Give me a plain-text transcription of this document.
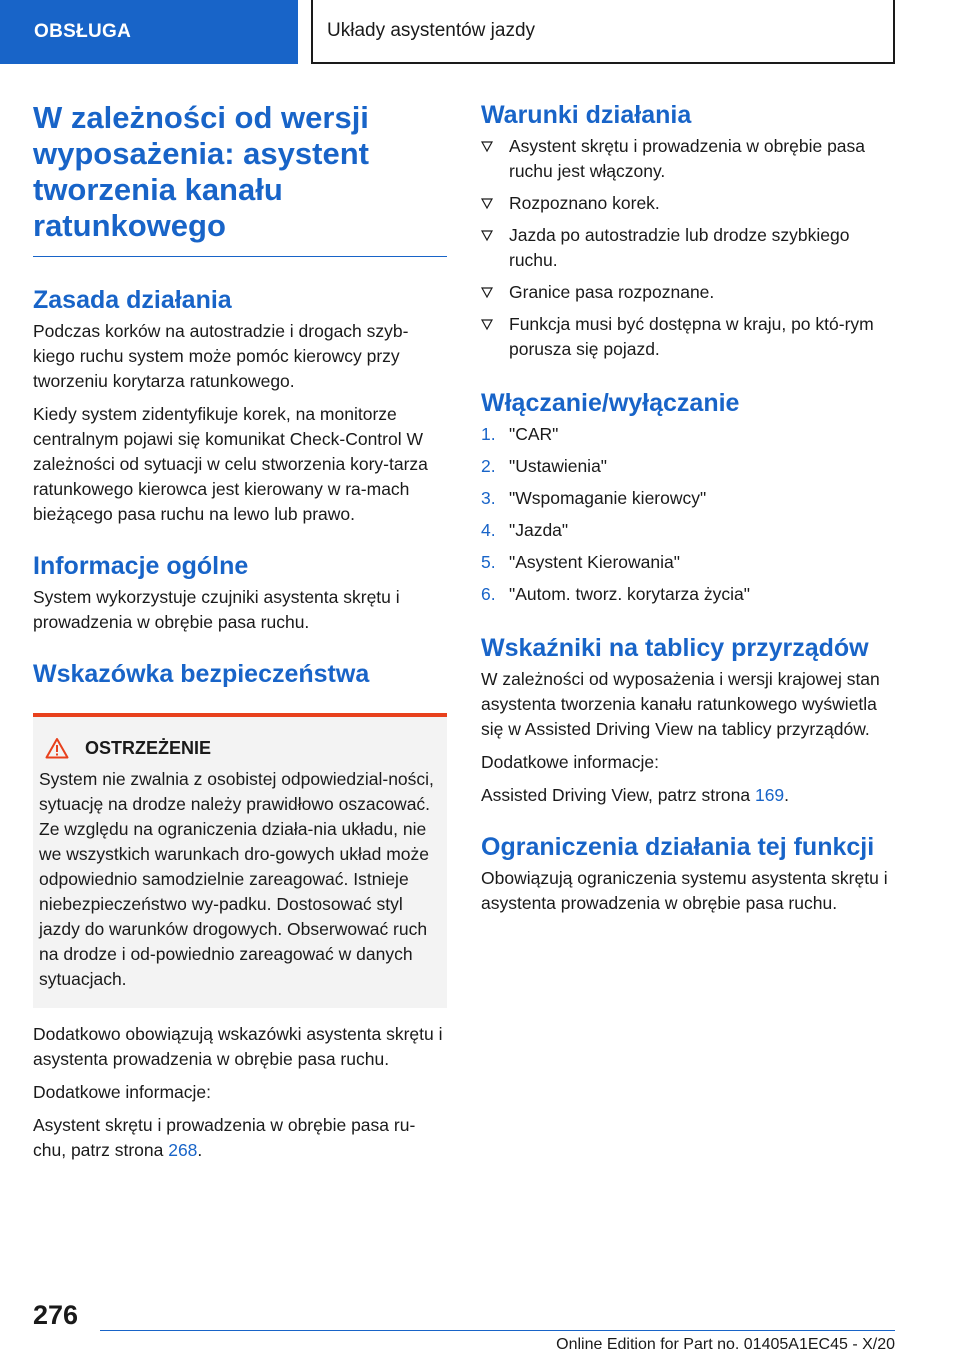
OBSŁUGA	Układy asystentów jazdy
W zależności od wersji wyposażenia: asystent tworzenia kanału ratunkowego
Zasada działania

Podczas korków na autostradzie i drogach szyb-kiego ruchu system może pomóc kierowcy przy tworzeniu korytarza ratunkowego.

Kiedy system zidentyfikuje korek, na monitorze centralnym pojawi się komunikat Check-Control W zależności od sytuacji w celu stworzenia kory-tarza ratunkowego kierowca jest kierowany w ra-mach bieżącego pasa ruchu na lewo lub prawo.

Informacje ogólne

System wykorzystuje czujniki asystenta skrętu i prowadzenia w obrębie pasa ruchu.

Wskazówka bezpieczeństwa
OSTRZEŻENIE

System nie zwalnia z osobistej odpowiedzial-ności, sytuację na drodze należy prawidłowo oszacować. Ze względu na ograniczenia działa-nia układu, nie we wszystkich warunkach dro-gowych układ może odpowiednio samodzielnie zareagować. Istnieje niebezpieczeństwo wy-padku. Dostosować styl jazdy do warunków drogowych. Obserwować ruch na drodze i od-powiednio zareagować w danych sytuacjach.

Dodatkowo obowiązują wskazówki asystenta skrętu i asystenta prowadzenia w obrębie pasa ruchu.

Dodatkowe informacje:

Asystent skrętu i prowadzenia w obrębie pasa ru-chu, patrz strona 268.

Warunki działania
Asystent skrętu i prowadzenia w obrębie pasa ruchu jest włączony.
Rozpoznano korek.
Jazda po autostradzie lub drodze szybkiego ruchu.
Granice pasa rozpoznane.
Funkcja musi być dostępna w kraju, po któ-rym porusza się pojazd.
Włączanie/wyłączanie
1. "CAR"
2. "Ustawienia"
3. "Wspomaganie kierowcy"
4. "Jazda"
5. "Asystent Kierowania"
6. "Autom. tworz. korytarza życia"
Wskaźniki na tablicy przyrządów

W zależności od wyposażenia i wersji krajowej stan asystenta tworzenia kanału ratunkowego wyświetla się w Assisted Driving View na tablicy przyrządów.

Dodatkowe informacje:

Assisted Driving View, patrz strona 169.

Ograniczenia działania tej funkcji

Obowiązują ograniczenia systemu asystenta skrętu i asystenta prowadzenia w obrębie pasa ruchu.

276
Online Edition for Part no. 01405A1EC45 - X/20
